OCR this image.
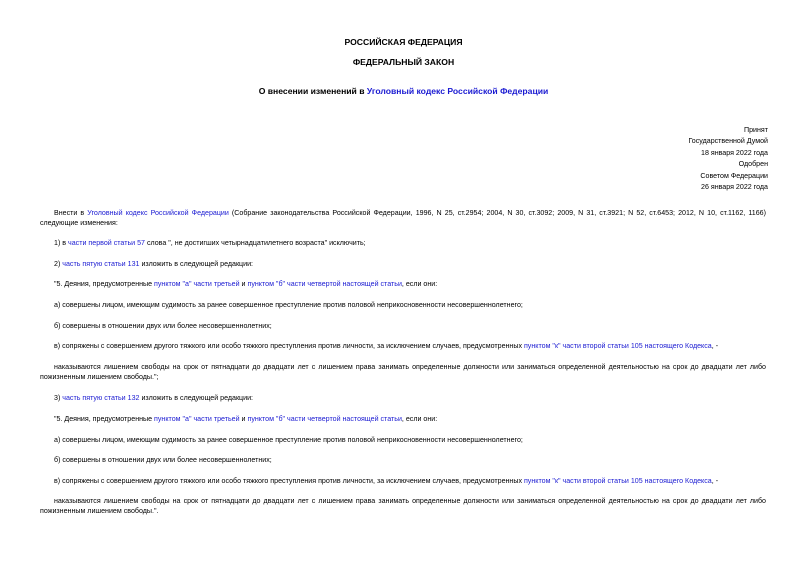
РОССИЙСКАЯ ФЕДЕРАЦИЯ
ФЕДЕРАЛЬНЫЙ ЗАКОН
О внесении изменений в Уголовный кодекс Российской Федерации
Принят
Государственной Думой
18 января 2022 года
Одобрен
Советом Федерации
26 января 2022 года
Внести в Уголовный кодекс Российской Федерации (Собрание законодательства Российской Федерации, 1996, N 25, ст.2954; 2004, N 30, ст.3092; 2009, N 31, ст.3921; N 52, ст.6453; 2012, N 10, ст.1162, 1166) следующие изменения:
1) в части первой статьи 57 слова ", не достигших четырнадцатилетнего возраста" исключить;
2) часть пятую статьи 131 изложить в следующей редакции:
"5. Деяния, предусмотренные пунктом "а" части третьей и пунктом "б" части четвертой настоящей статьи, если они:
а) совершены лицом, имеющим судимость за ранее совершенное преступление против половой неприкосновенности несовершеннолетнего;
б) совершены в отношении двух или более несовершеннолетних;
в) сопряжены с совершением другого тяжкого или особо тяжкого преступления против личности, за исключением случаев, предусмотренных пунктом "к" части второй статьи 105 настоящего Кодекса, -
наказываются лишением свободы на срок от пятнадцати до двадцати лет с лишением права занимать определенные должности или заниматься определенной деятельностью на срок до двадцати лет либо пожизненным лишением свободы.";
3) часть пятую статьи 132 изложить в следующей редакции:
"5. Деяния, предусмотренные пунктом "а" части третьей и пунктом "б" части четвертой настоящей статьи, если они:
а) совершены лицом, имеющим судимость за ранее совершенное преступление против половой неприкосновенности несовершеннолетнего;
б) совершены в отношении двух или более несовершеннолетних;
в) сопряжены с совершением другого тяжкого или особо тяжкого преступления против личности, за исключением случаев, предусмотренных пунктом "к" части второй статьи 105 настоящего Кодекса, -
наказываются лишением свободы на срок от пятнадцати до двадцати лет с лишением права занимать определенные должности или заниматься определенной деятельностью на срок до двадцати лет либо пожизненным лишением свободы.".
